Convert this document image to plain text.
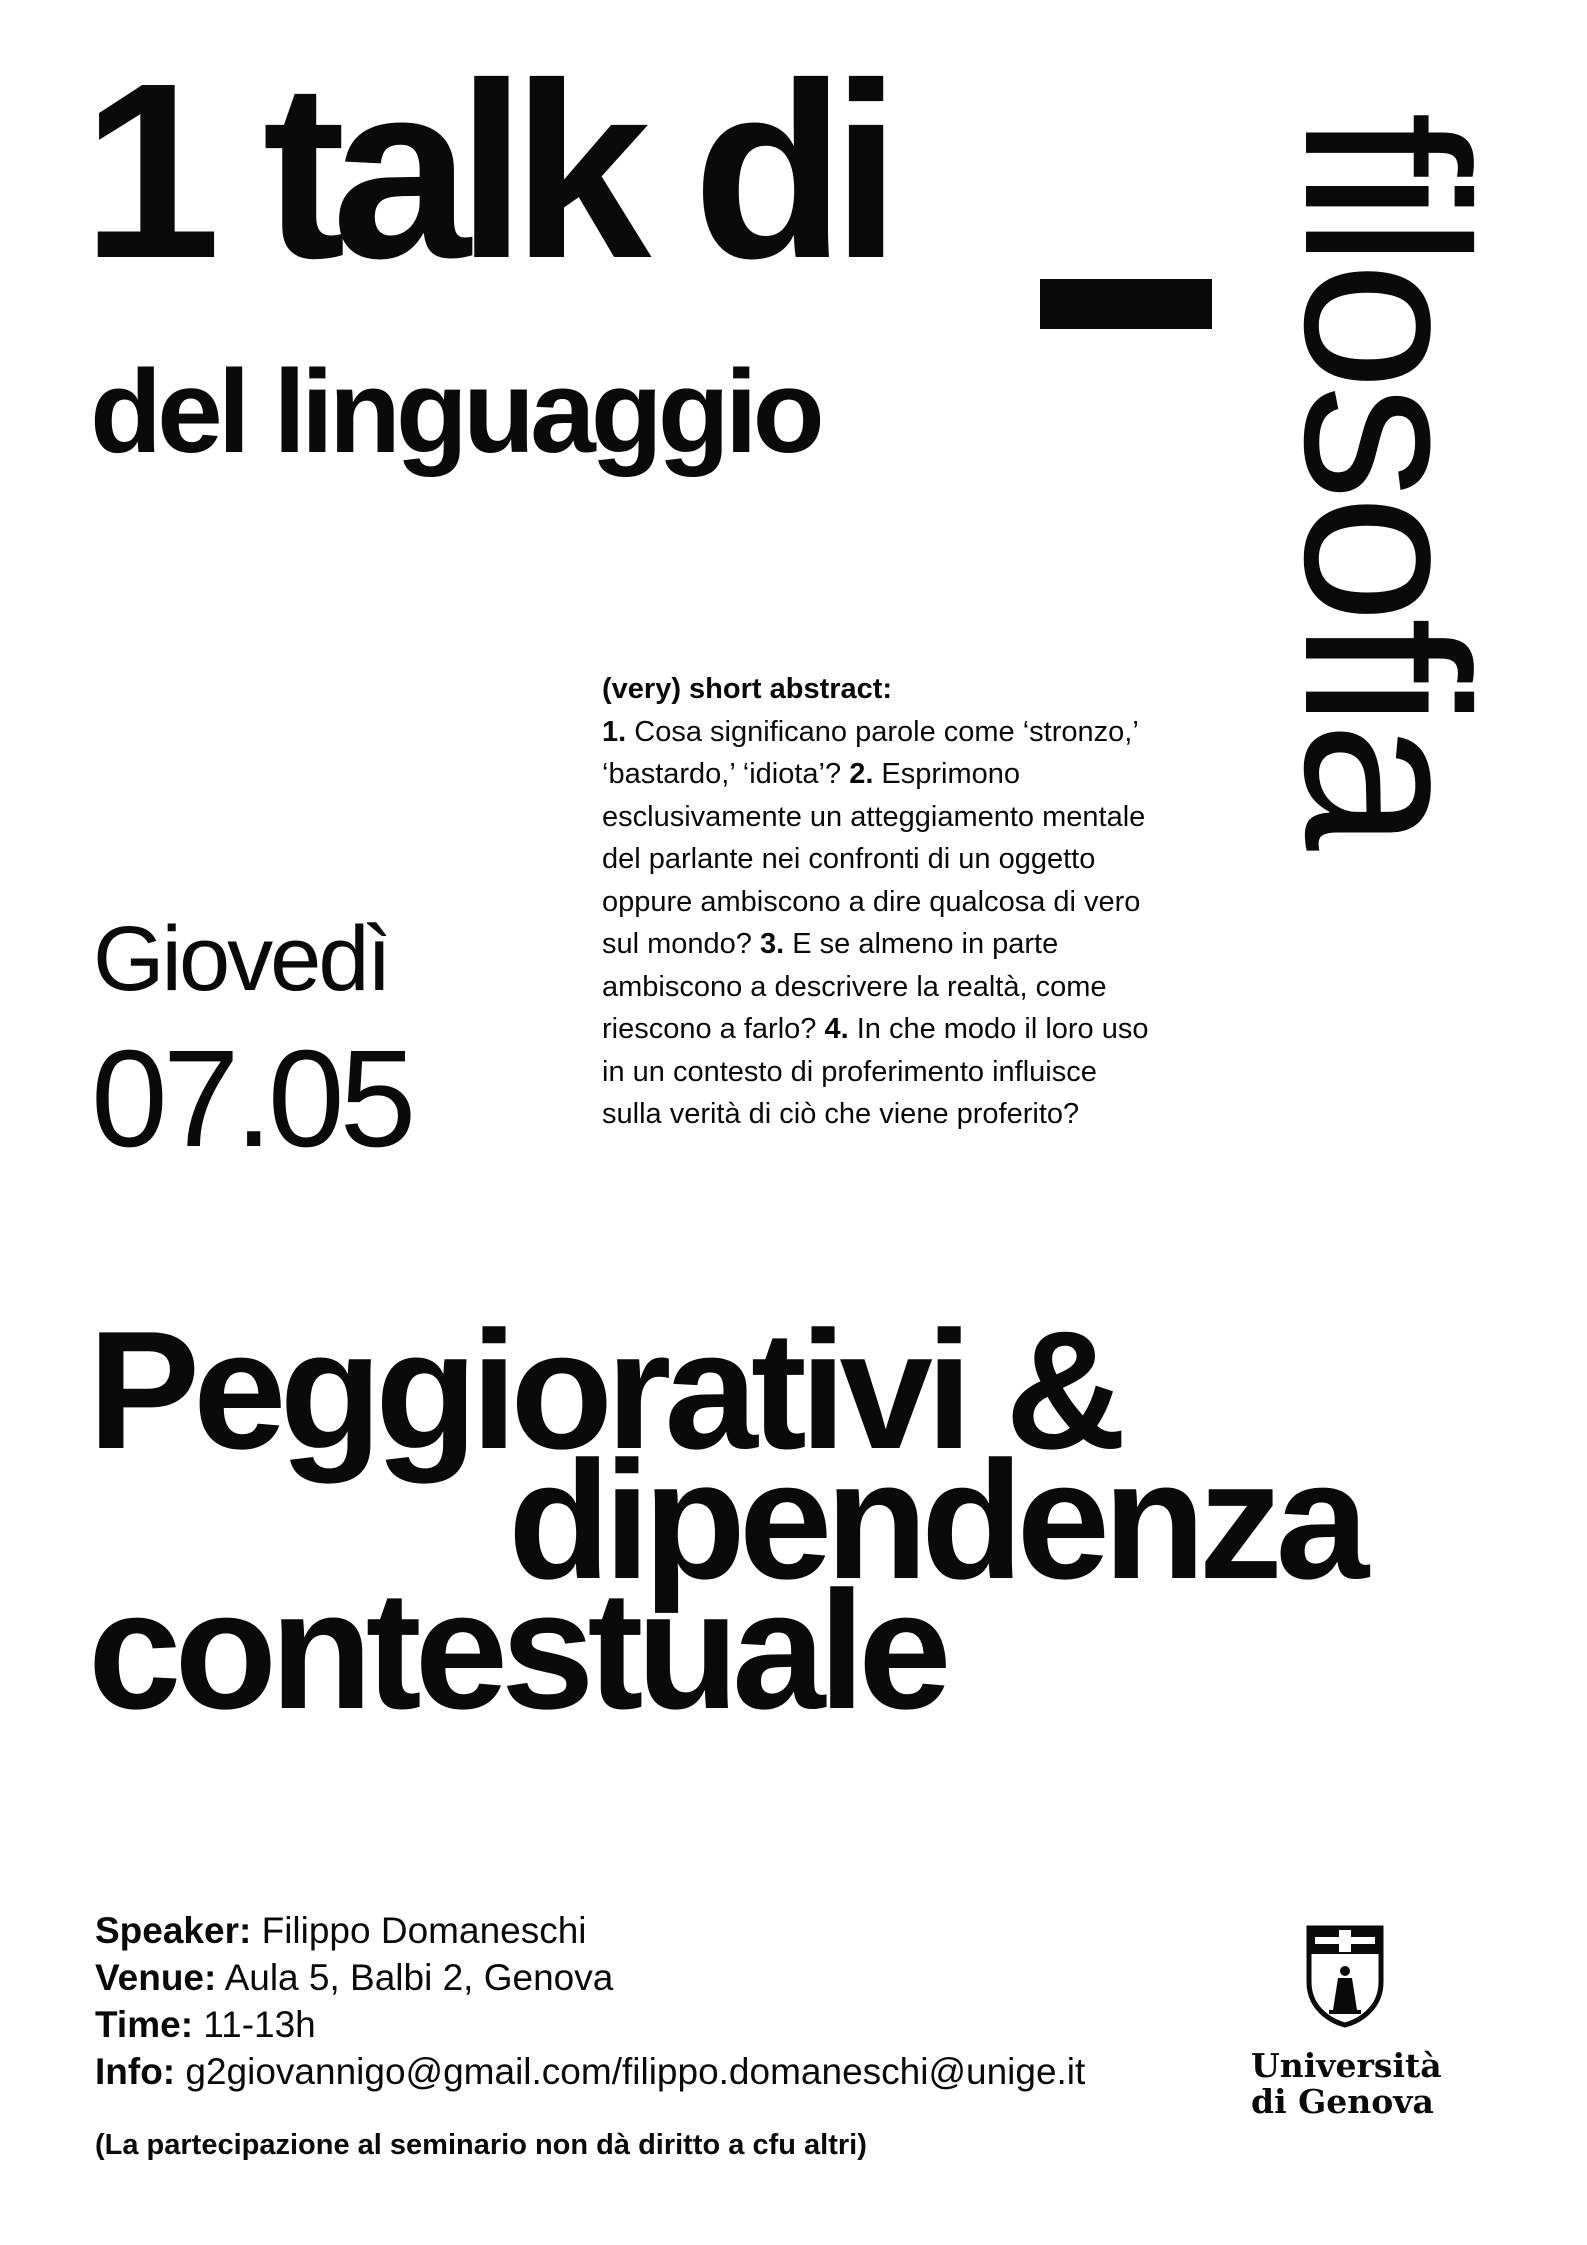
1 talk di
del linguaggio filosofia
Giovedì
07.05
(very) short abstract:
1. Cosa significano parole come ‘stronzo,’ ‘bastardo,’ ‘idiota’? 2. Esprimono esclusivamente un atteggiamento mentale del parlante nei confronti di un oggetto oppure ambiscono a dire qualcosa di vero sul mondo? 3. E se almeno in parte ambiscono a descrivere la realtà, come riescono a farlo? 4. In che modo il loro uso in un contesto di proferimento influisce sulla verità di ciò che viene proferito?
Peggiorativi &
dipendenza
contestuale
Speaker: Filippo Domaneschi
Venue: Aula 5, Balbi 2, Genova
Time: 11-13h
Info: g2giovannigo@gmail.com/filippo.domaneschi@unige.it
(La partecipazione al seminario non dà diritto a cfu altri)
Università
di Genova
